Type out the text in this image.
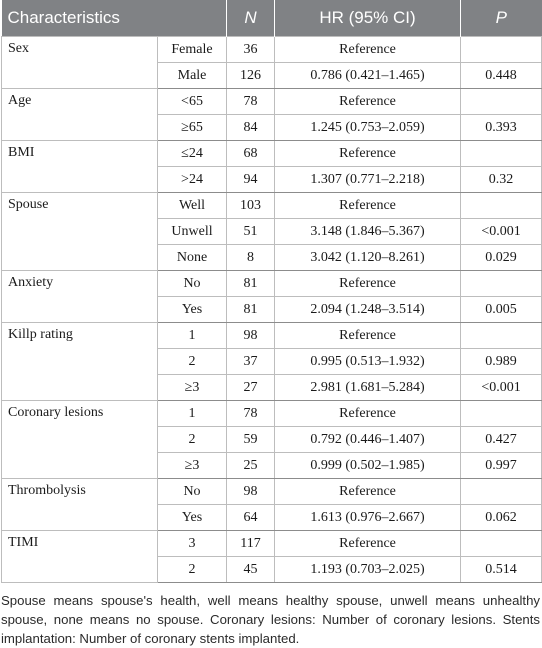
Characteristics		N	HR (95% CI)	P
Sex	Female	36	Reference	
	Male	126	0.786 (0.421–1.465)	0.448
Age	<65	78	Reference	
	≥65	84	1.245 (0.753–2.059)	0.393
BMI	≤24	68	Reference	
	>24	94	1.307 (0.771–2.218)	0.32
Spouse	Well	103	Reference	
	Unwell	51	3.148 (1.846–5.367)	<0.001
	None	8	3.042 (1.120–8.261)	0.029
Anxiety	No	81	Reference	
	Yes	81	2.094 (1.248–3.514)	0.005
Killp rating	1	98	Reference	
	2	37	0.995 (0.513–1.932)	0.989
	≥3	27	2.981 (1.681–5.284)	<0.001
Coronary lesions	1	78	Reference	
	2	59	0.792 (0.446–1.407)	0.427
	≥3	25	0.999 (0.502–1.985)	0.997
Thrombolysis	No	98	Reference	
	Yes	64	1.613 (0.976–2.667)	0.062
TIMI	3	117	Reference	
	2	45	1.193 (0.703–2.025)	0.514

Spouse means spouse's health, well means healthy spouse, unwell means unhealthy spouse, none means no spouse. Coronary lesions: Number of coronary lesions. Stents implantation: Number of coronary stents implanted.
